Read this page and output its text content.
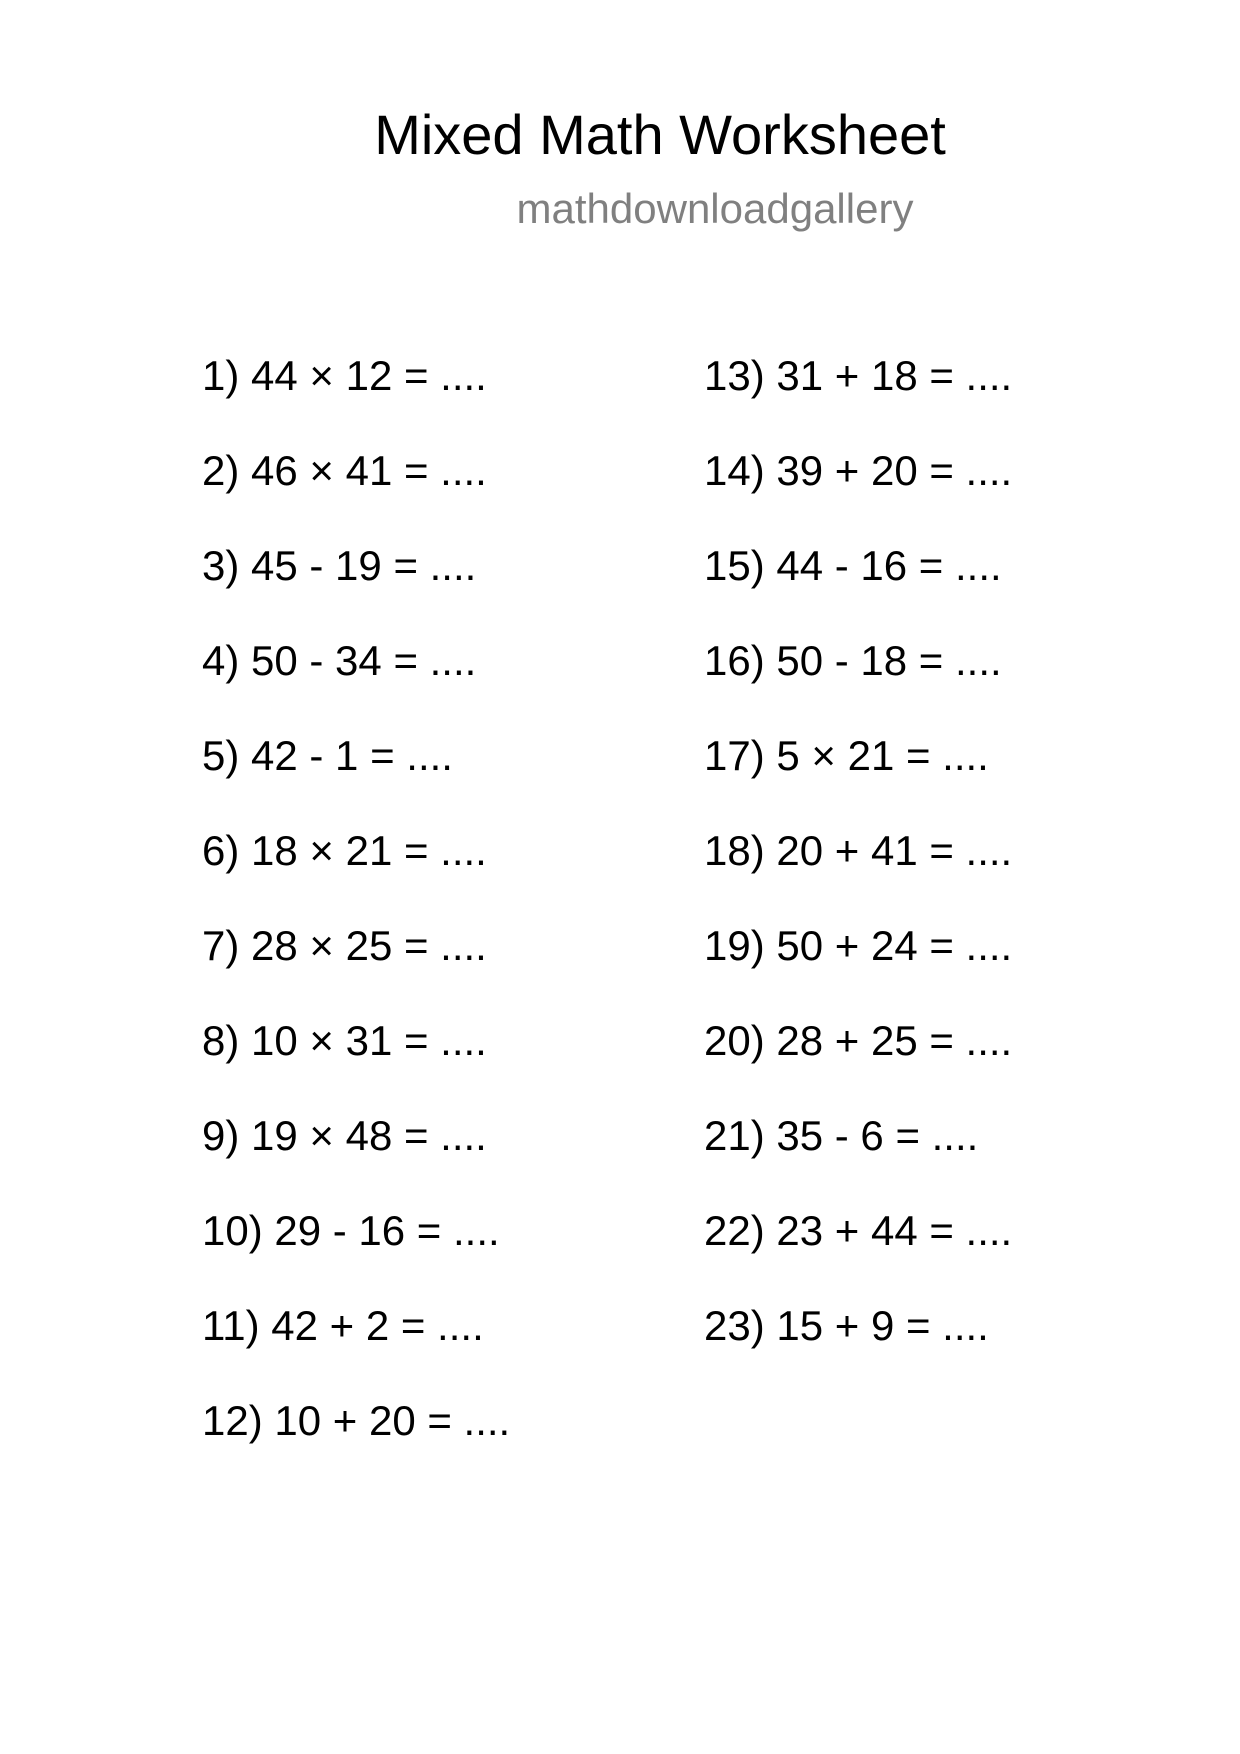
Mixed Math Worksheet
mathdownloadgallery
1) 44 × 12 = ....
2) 46 × 41 = ....
3) 45 - 19 = ....
4) 50 - 34 = ....
5) 42 - 1 = ....
6) 18 × 21 = ....
7) 28 × 25 = ....
8) 10 × 31 = ....
9) 19 × 48 = ....
10) 29 - 16 = ....
11) 42 + 2 = ....
12) 10 + 20 = ....
13) 31 + 18 = ....
14) 39 + 20 = ....
15) 44 - 16 = ....
16) 50 - 18 = ....
17) 5 × 21 = ....
18) 20 + 41 = ....
19) 50 + 24 = ....
20) 28 + 25 = ....
21) 35 - 6 = ....
22) 23 + 44 = ....
23) 15 + 9 = ....
